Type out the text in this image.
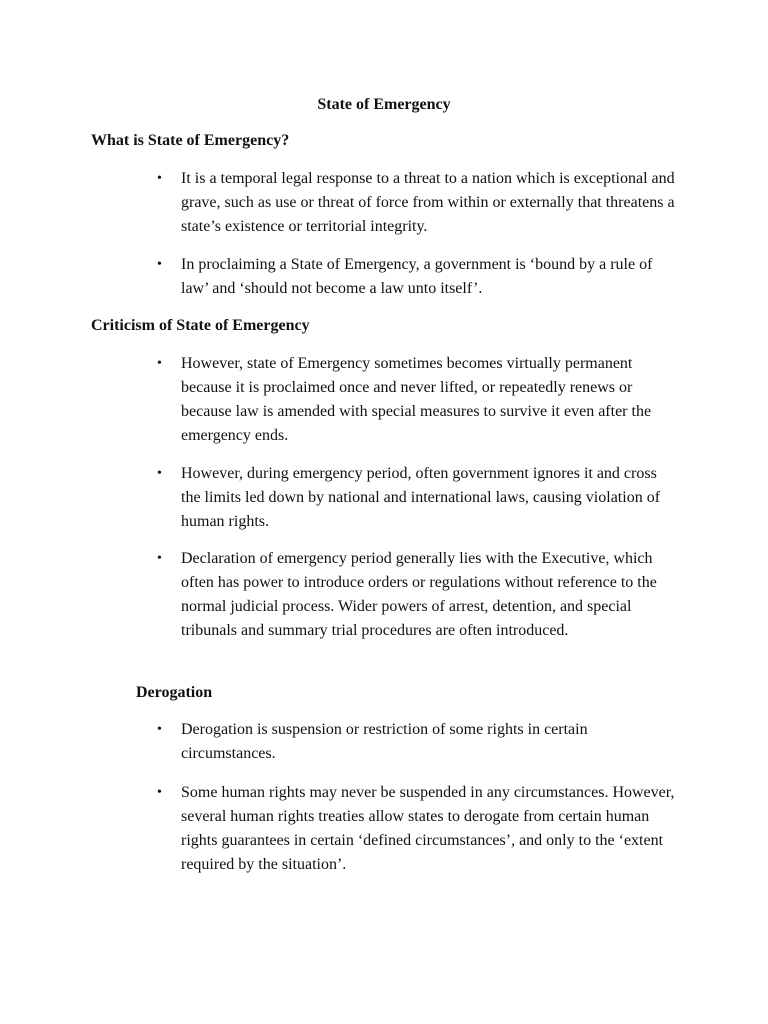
State of Emergency
What is State of Emergency?
•	It is a temporal legal response to a threat to a nation which is exceptional and grave, such as use or threat of force from within or externally that threatens a state’s existence or territorial integrity.

•	In proclaiming a State of Emergency, a government is ‘bound by a rule of law’ and ‘should not become a law unto itself’.

Criticism of State of Emergency
•	However, state of Emergency sometimes becomes virtually permanent because it is proclaimed once and never lifted, or repeatedly renews or because law is amended with special measures to survive it even after the emergency ends.

•	However, during emergency period, often government ignores it and cross the limits led down by national and international laws, causing violation of human rights.

•	Declaration of emergency period generally lies with the Executive, which often has power to introduce orders or regulations without reference to the normal judicial process. Wider powers of arrest, detention, and special tribunals and summary trial procedures are often introduced.

Derogation
•	Derogation is suspension or restriction of some rights in certain circumstances.

•	Some human rights may never be suspended in any circumstances. However, several human rights treaties allow states to derogate from certain human rights guarantees in certain ‘defined circumstances’, and only to the ‘extent required by the situation’.
